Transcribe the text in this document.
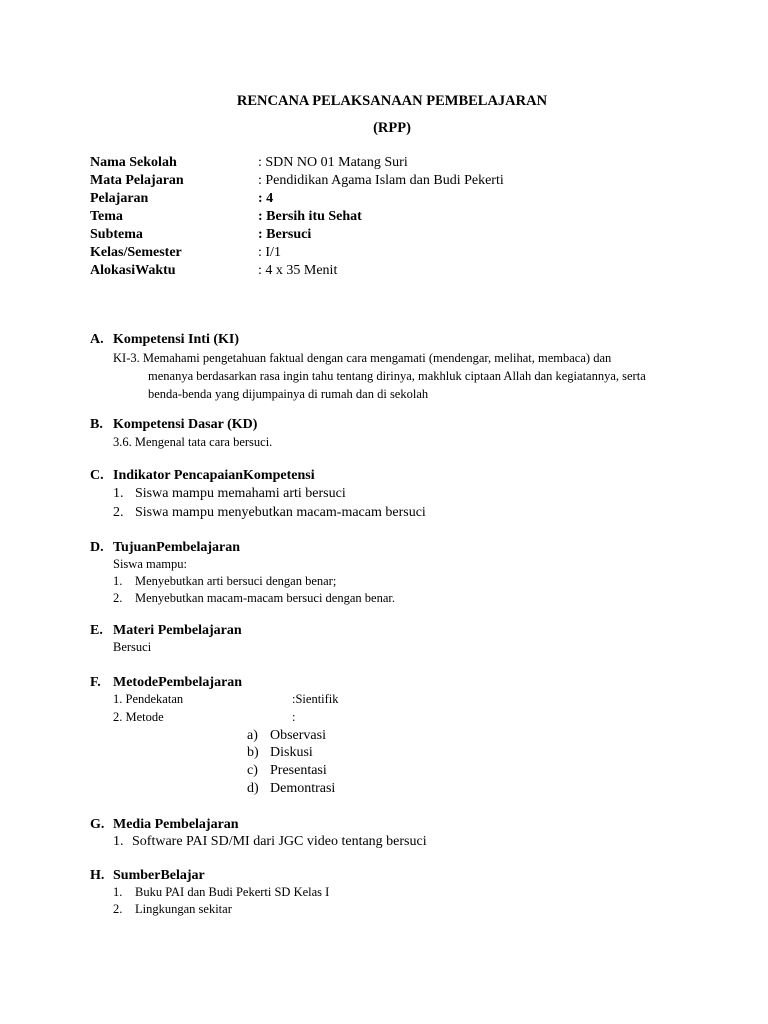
RENCANA PELAKSANAAN PEMBELAJARAN
(RPP)
Nama Sekolah	: SDN NO 01 Matang Suri
Mata Pelajaran	: Pendidikan Agama Islam dan Budi Pekerti
Pelajaran	: 4
Tema	: Bersih itu Sehat
Subtema	: Bersuci
Kelas/Semester	: I/1
AlokasiWaktu	: 4 x 35 Menit
A. Kompetensi Inti (KI)
KI-3. Memahami pengetahuan faktual dengan cara mengamati (mendengar, melihat, membaca) dan
menanya berdasarkan rasa ingin tahu tentang dirinya, makhluk ciptaan Allah dan kegiatannya, serta
benda-benda yang dijumpainya di rumah dan di sekolah
B. Kompetensi Dasar (KD)
3.6. Mengenal tata cara bersuci.
C. Indikator PencapaianKompetensi
1. Siswa mampu memahami arti bersuci
2. Siswa mampu menyebutkan macam-macam bersuci
D. TujuanPembelajaran
Siswa mampu:
1. Menyebutkan arti bersuci dengan benar;
2. Menyebutkan macam-macam bersuci dengan benar.
E. Materi Pembelajaran
Bersuci
F. MetodePembelajaran
1. Pendekatan	:Sientifik
2. Metode	:
a) Observasi
b) Diskusi
c) Presentasi
d) Demontrasi
G. Media Pembelajaran
1. Software PAI SD/MI dari JGC video tentang bersuci
H. SumberBelajar
1. Buku PAI dan Budi Pekerti SD Kelas I
2. Lingkungan sekitar
